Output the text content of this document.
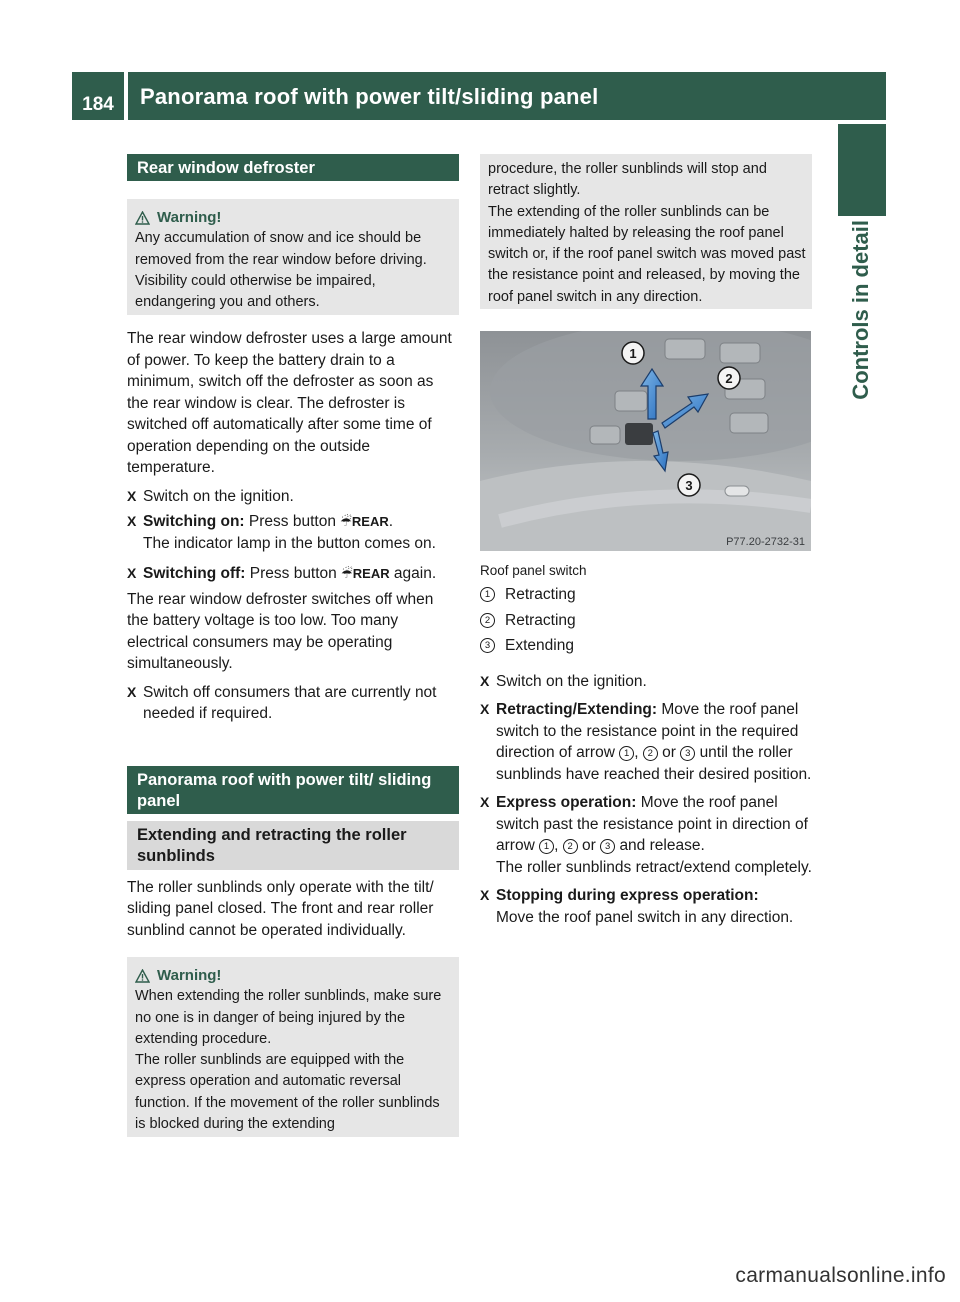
184	Panorama roof with power tilt/sliding panel
Controls in detail
Rear window defroster
Warning!
Any accumulation of snow and ice should be removed from the rear window before driving. Visibility could otherwise be impaired, endangering you and others.
The rear window defroster uses a large amount of power. To keep the battery drain to a minimum, switch off the defroster as soon as the rear window is clear. The defroster is switched off automatically after some time of operation depending on the outside temperature.
X Switch on the ignition.
X Switching on: Press button ☔REAR.
The indicator lamp in the button comes on.
X Switching off: Press button ☔REAR again.
The rear window defroster switches off when the battery voltage is too low. Too many electrical consumers may be operating simultaneously.
X Switch off consumers that are currently not needed if required.
Panorama roof with power tilt/ sliding panel
Extending and retracting the roller sunblinds
The roller sunblinds only operate with the tilt/ sliding panel closed. The front and rear roller sunblind cannot be operated individually.
Warning!
When extending the roller sunblinds, make sure no one is in danger of being injured by the extending procedure.
The roller sunblinds are equipped with the express operation and automatic reversal function. If the movement of the roller sunblinds is blocked during the extending
procedure, the roller sunblinds will stop and retract slightly.
The extending of the roller sunblinds can be immediately halted by releasing the roof panel switch or, if the roof panel switch was moved past the resistance point and released, by moving the roof panel switch in any direction.
1
2
3
P77.20-2732-31
Roof panel switch
1 Retracting
2 Retracting
3 Extending
X Switch on the ignition.
X Retracting/Extending: Move the roof panel switch to the resistance point in the required direction of arrow 1 , 2 or 3 until the roller sunblinds have reached their desired position.
X Express operation: Move the roof panel switch past the resistance point in direction of arrow 1 , 2 or 3 and release.
The roller sunblinds retract/extend completely.
X Stopping during express operation:
Move the roof panel switch in any direction.
carmanualsonline.info
